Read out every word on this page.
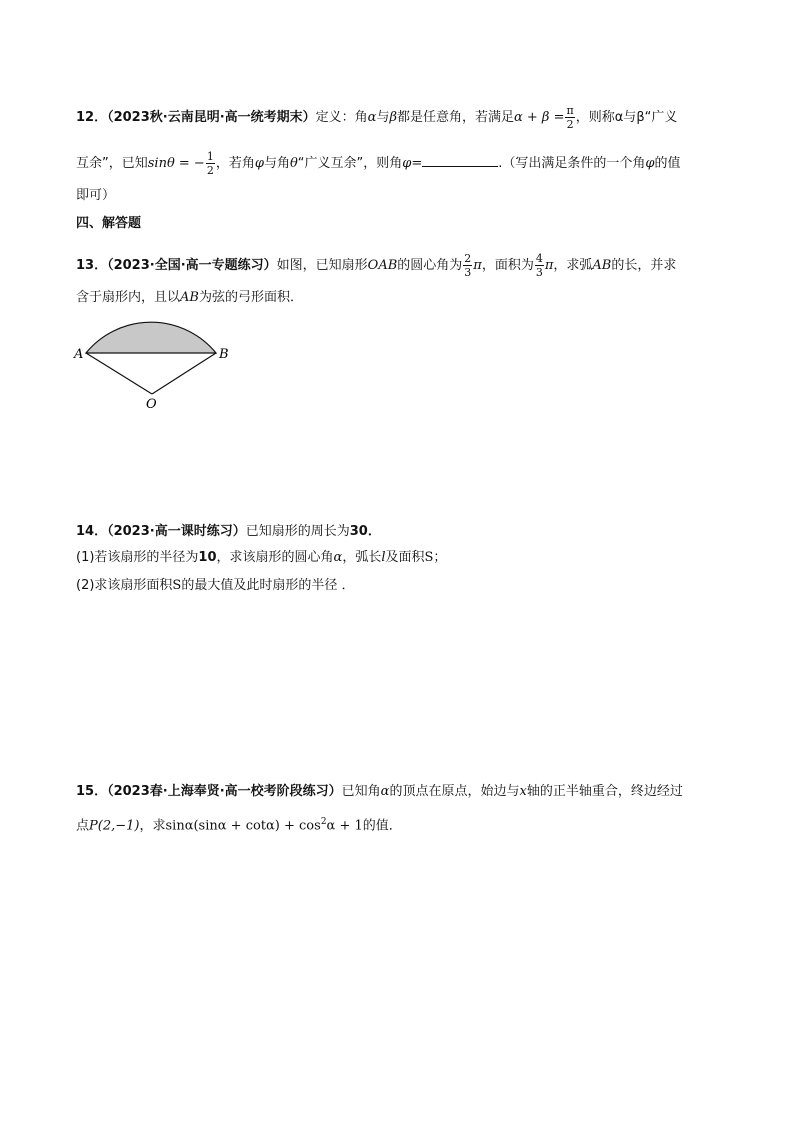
12．（2023秋·云南昆明·高一统考期末）定义：角α与β都是任意角，若满足$\alpha + \beta = \frac{\pi}{2}$ ，则称α与β“广义
互余”，已知sinθ = − $\frac{1}{2}$ ，若角φ与角θ“广义互余”，则角φ=	.（写出满足条件的一个角φ的值
即可）
四、解答题
13．（2023·全国·高一专题练习）如图，已知扇形OAB的圆心角为 $\frac{2}{3}$ π，面积为 $\frac{4}{3}$ π，求弧AB的长，并求
含于扇形内，且以AB为弦的弓形面积．
A	B
O
14．（2023·高一课时练习）已知扇形的周长为30．
(1)若该扇形的半径为10，求该扇形的圆心角α，弧长l及面积S；
(2)求该扇形面积S的最大值及此时扇形的半径 ．
15．（2023春·上海奉贤·高一校考阶段练习）已知角α的顶点在原点，始边与x轴的正半轴重合，终边经过
点P(2,−1)，求$\sin\alpha(\sin\alpha + \cot\alpha) + \cos^2\alpha + 1$的值．
